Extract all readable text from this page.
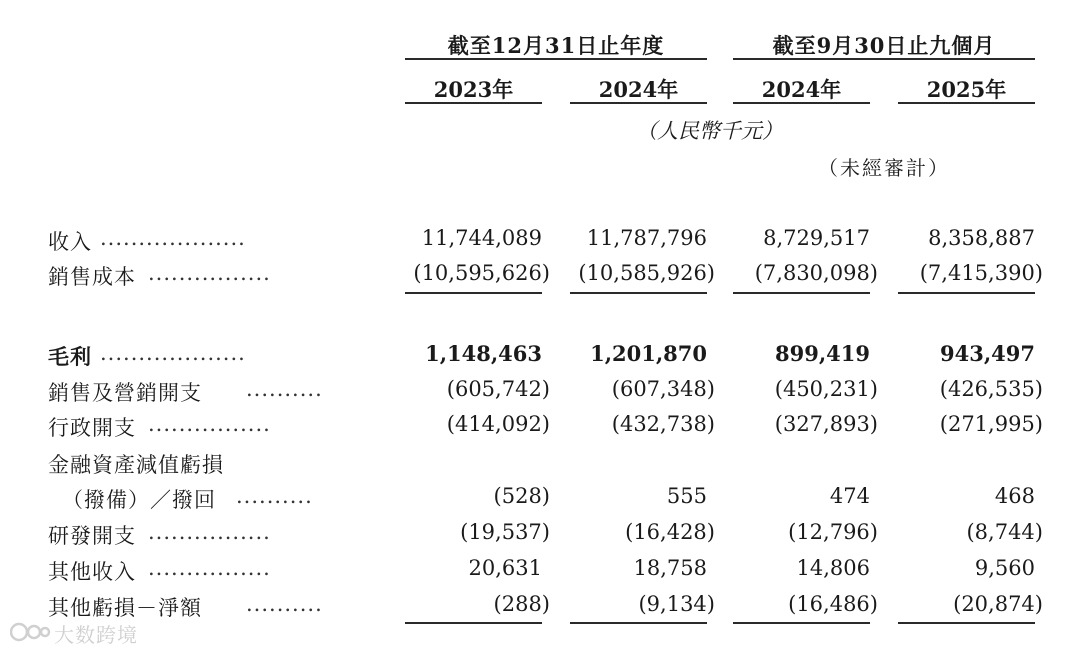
截至12月31日止年度	截至9月30日止九個月
2023年	2024年	2024年	2025年
（人民幣千元）
（未經審計）
收入 ...................	11,744,089	11,787,796	8,729,517	8,358,887
銷售成本 ................	(10,595,626)	(10,585,926)	(7,830,098)	(7,415,390)
毛利 ...................	1,148,463	1,201,870	899,419	943,497
銷售及營銷開支 ..........	(605,742)	(607,348)	(450,231)	(426,535)
行政開支 ................	(414,092)	(432,738)	(327,893)	(271,995)
金融資產減值虧損
（撥備）／撥回 ..........	(528)	555	474	468
研發開支 ................	(19,537)	(16,428)	(12,796)	(8,744)
其他收入 ................	20,631	18,758	14,806	9,560
其他虧損－淨額 ..........	(288)	(9,134)	(16,486)	(20,874)
大数跨境
